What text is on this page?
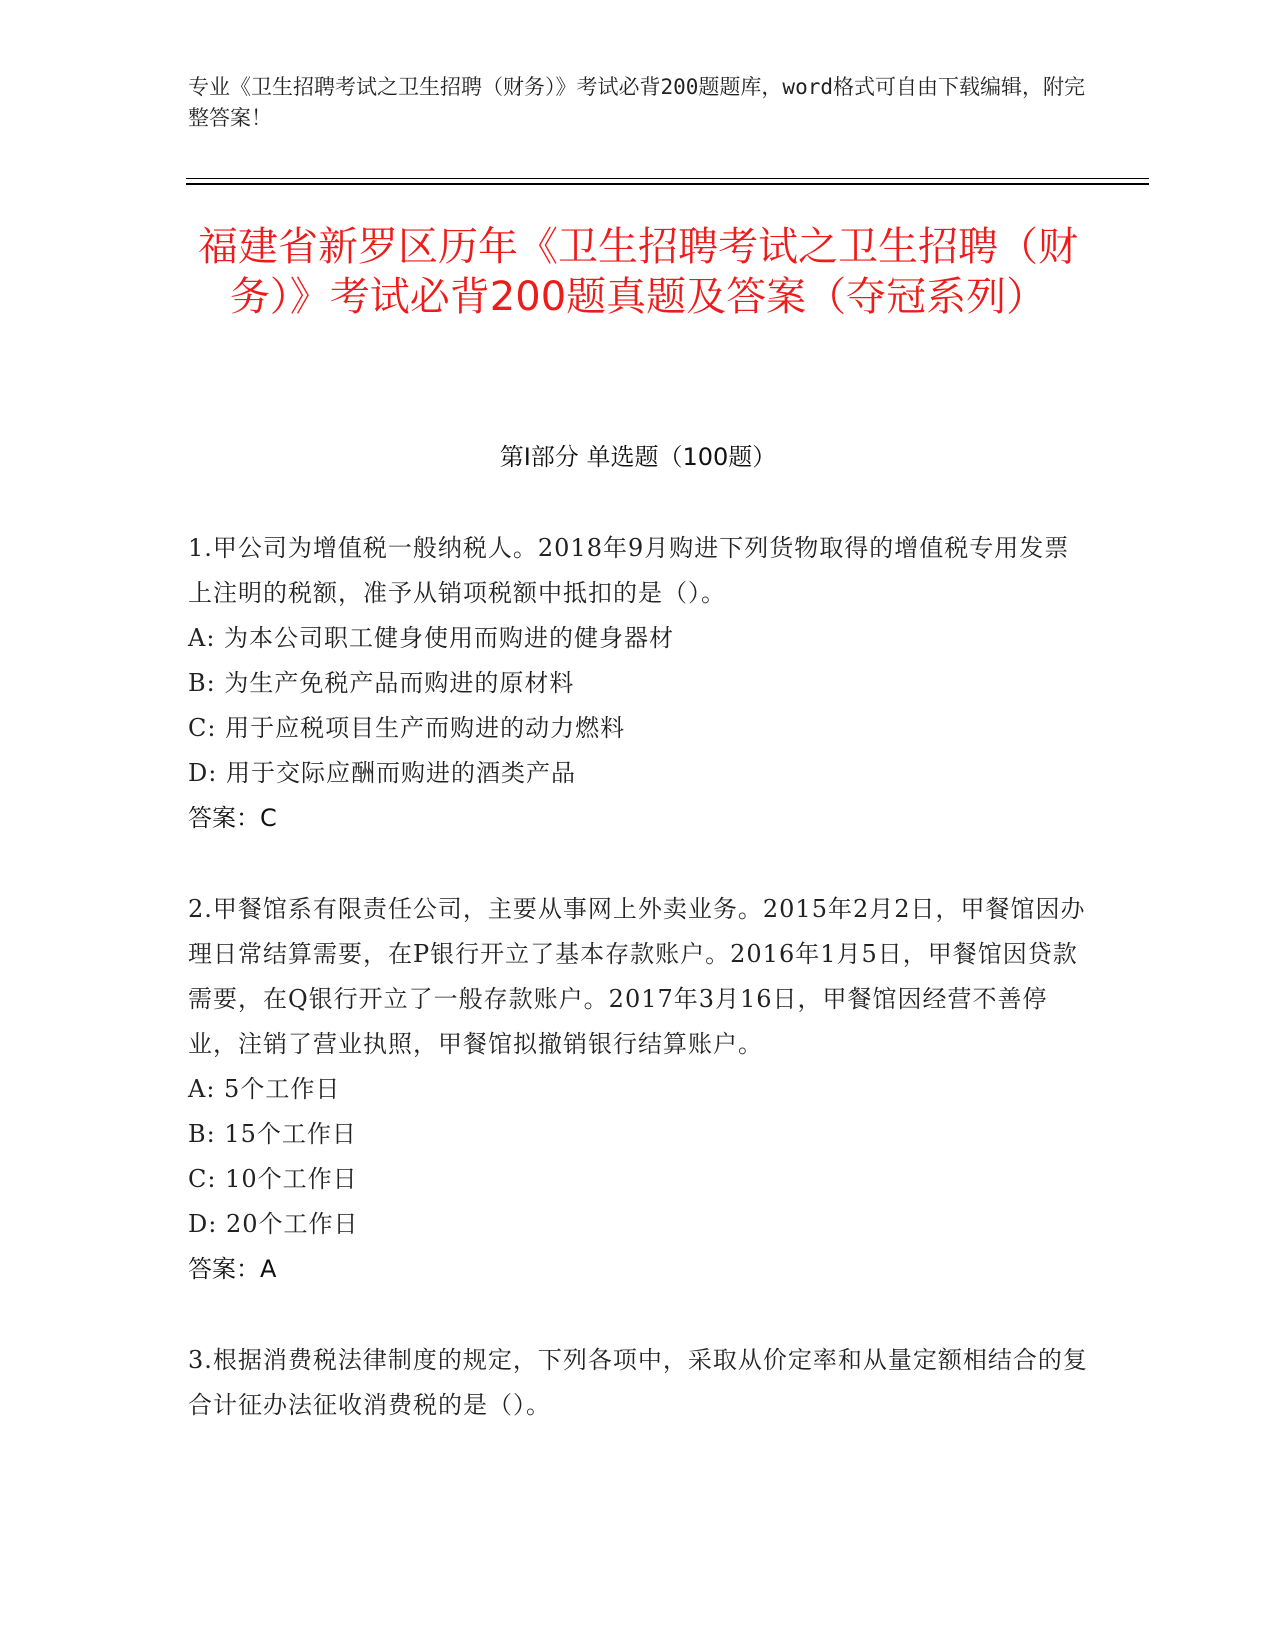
专业《卫生招聘考试之卫生招聘（财务）》考试必背200题题库，word格式可自由下载编辑，附完整答案！
福建省新罗区历年《卫生招聘考试之卫生招聘（财务）》考试必背200题真题及答案（夺冠系列）
第Ⅰ部分 单选题（100题）
1.甲公司为增值税一般纳税人。2018年9月购进下列货物取得的增值税专用发票上注明的税额，准予从销项税额中抵扣的是（）。
A: 为本公司职工健身使用而购进的健身器材
B: 为生产免税产品而购进的原材料
C: 用于应税项目生产而购进的动力燃料
D: 用于交际应酬而购进的酒类产品
答案：C
2.甲餐馆系有限责任公司，主要从事网上外卖业务。2015年2月2日，甲餐馆因办理日常结算需要，在P银行开立了基本存款账户。2016年1月5日，甲餐馆因贷款需要，在Q银行开立了一般存款账户。2017年3月16日，甲餐馆因经营不善停业，注销了营业执照，甲餐馆拟撤销银行结算账户。
A: 5个工作日
B: 15个工作日
C: 10个工作日
D: 20个工作日
答案：A
3.根据消费税法律制度的规定，下列各项中，采取从价定率和从量定额相结合的复合计征办法征收消费税的是（）。
